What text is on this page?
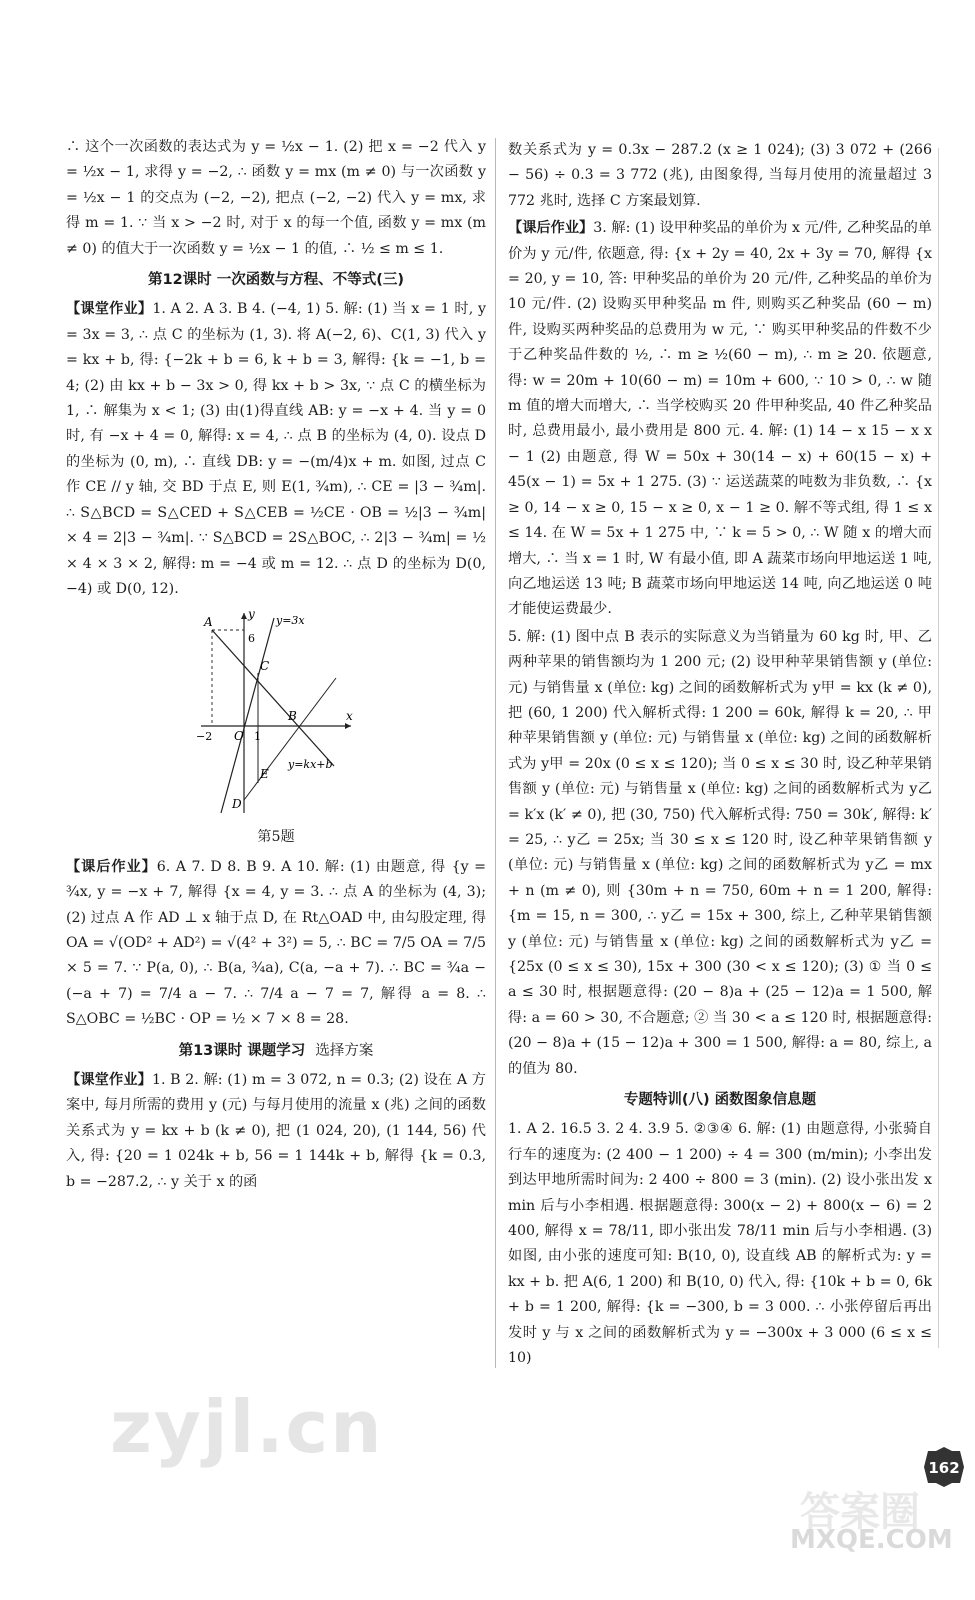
∴ 这个一次函数的表达式为 y = ½x − 1. (2) 把 x = −2 代入 y = ½x − 1, 求得 y = −2, ∴ 函数 y = mx (m ≠ 0) 与一次函数 y = ½x − 1 的交点为 (−2, −2), 把点 (−2, −2) 代入 y = mx, 求得 m = 1. ∵ 当 x > −2 时, 对于 x 的每一个值, 函数 y = mx (m ≠ 0) 的值大于一次函数 y = ½x − 1 的值, ∴ ½ ≤ m ≤ 1.

第12课时 一次函数与方程、不等式(三)

【课堂作业】1. A 2. A 3. B 4. (−4, 1) 5. 解: (1) 当 x = 1 时, y = 3x = 3, ∴ 点 C 的坐标为 (1, 3). 将 A(−2, 6)、C(1, 3) 代入 y = kx + b, 得: {−2k + b = 6, k + b = 3, 解得: {k = −1, b = 4; (2) 由 kx + b − 3x > 0, 得 kx + b > 3x, ∵ 点 C 的横坐标为 1, ∴ 解集为 x < 1; (3) 由(1)得直线 AB: y = −x + 4. 当 y = 0 时, 有 −x + 4 = 0, 解得: x = 4, ∴ 点 B 的坐标为 (4, 0). 设点 D 的坐标为 (0, m), ∴ 直线 DB: y = −(m/4)x + m. 如图, 过点 C 作 CE // y 轴, 交 BD 于点 E, 则 E(1, ¾m), ∴ CE = |3 − ¾m|. ∴ S△BCD = S△CED + S△CEB = ½CE · OB = ½|3 − ¾m| × 4 = 2|3 − ¾m|. ∵ S△BCD = 2S△BOC, ∴ 2|3 − ¾m| = ½ × 4 × 3 × 2, 解得: m = −4 或 m = 12. ∴ 点 D 的坐标为 D(0, −4) 或 D(0, 12).

A
C
B
E
D
O
x
y y=3x
y=kx+b
6
−2	1
第5题

【课后作业】6. A 7. D 8. B 9. A 10. 解: (1) 由题意, 得 {y = ¾x, y = −x + 7, 解得 {x = 4, y = 3. ∴ 点 A 的坐标为 (4, 3); (2) 过点 A 作 AD ⊥ x 轴于点 D, 在 Rt△OAD 中, 由勾股定理, 得 OA = √(OD² + AD²) = √(4² + 3²) = 5, ∴ BC = 7/5 OA = 7/5 × 5 = 7. ∵ P(a, 0), ∴ B(a, ¾a), C(a, −a + 7). ∴ BC = ¾a − (−a + 7) = 7/4 a − 7. ∴ 7/4 a − 7 = 7, 解得 a = 8. ∴ S△OBC = ½BC · OP = ½ × 7 × 8 = 28.

第13课时 课题学习 选择方案

【课堂作业】1. B 2. 解: (1) m = 3 072, n = 0.3; (2) 设在 A 方案中, 每月所需的费用 y (元) 与每月使用的流量 x (兆) 之间的函数关系式为 y = kx + b (k ≠ 0), 把 (1 024, 20), (1 144, 56) 代入, 得: {20 = 1 024k + b, 56 = 1 144k + b, 解得 {k = 0.3, b = −287.2, ∴ y 关于 x 的函

数关系式为 y = 0.3x − 287.2 (x ≥ 1 024); (3) 3 072 + (266 − 56) ÷ 0.3 = 3 772 (兆), 由图象得, 当每月使用的流量超过 3 772 兆时, 选择 C 方案最划算.

【课后作业】3. 解: (1) 设甲种奖品的单价为 x 元/件, 乙种奖品的单价为 y 元/件, 依题意, 得: {x + 2y = 40, 2x + 3y = 70, 解得 {x = 20, y = 10, 答: 甲种奖品的单价为 20 元/件, 乙种奖品的单价为 10 元/件. (2) 设购买甲种奖品 m 件, 则购买乙种奖品 (60 − m) 件, 设购买两种奖品的总费用为 w 元, ∵ 购买甲种奖品的件数不少于乙种奖品件数的 ½, ∴ m ≥ ½(60 − m), ∴ m ≥ 20. 依题意, 得: w = 20m + 10(60 − m) = 10m + 600, ∵ 10 > 0, ∴ w 随 m 值的增大而增大, ∴ 当学校购买 20 件甲种奖品, 40 件乙种奖品时, 总费用最小, 最小费用是 800 元. 4. 解: (1) 14 − x 15 − x x − 1 (2) 由题意, 得 W = 50x + 30(14 − x) + 60(15 − x) + 45(x − 1) = 5x + 1 275. (3) ∵ 运送蔬菜的吨数为非负数, ∴ {x ≥ 0, 14 − x ≥ 0, 15 − x ≥ 0, x − 1 ≥ 0. 解不等式组, 得 1 ≤ x ≤ 14. 在 W = 5x + 1 275 中, ∵ k = 5 > 0, ∴ W 随 x 的增大而增大, ∴ 当 x = 1 时, W 有最小值, 即 A 蔬菜市场向甲地运送 1 吨, 向乙地运送 13 吨; B 蔬菜市场向甲地运送 14 吨, 向乙地运送 0 吨才能使运费最少.

5. 解: (1) 图中点 B 表示的实际意义为当销量为 60 kg 时, 甲、乙两种苹果的销售额均为 1 200 元; (2) 设甲种苹果销售额 y (单位: 元) 与销售量 x (单位: kg) 之间的函数解析式为 y甲 = kx (k ≠ 0), 把 (60, 1 200) 代入解析式得: 1 200 = 60k, 解得 k = 20, ∴ 甲种苹果销售额 y (单位: 元) 与销售量 x (单位: kg) 之间的函数解析式为 y甲 = 20x (0 ≤ x ≤ 120); 当 0 ≤ x ≤ 30 时, 设乙种苹果销售额 y (单位: 元) 与销售量 x (单位: kg) 之间的函数解析式为 y乙 = k′x (k′ ≠ 0), 把 (30, 750) 代入解析式得: 750 = 30k′, 解得: k′ = 25, ∴ y乙 = 25x; 当 30 ≤ x ≤ 120 时, 设乙种苹果销售额 y (单位: 元) 与销售量 x (单位: kg) 之间的函数解析式为 y乙 = mx + n (m ≠ 0), 则 {30m + n = 750, 60m + n = 1 200, 解得: {m = 15, n = 300, ∴ y乙 = 15x + 300, 综上, 乙种苹果销售额 y (单位: 元) 与销售量 x (单位: kg) 之间的函数解析式为 y乙 = {25x (0 ≤ x ≤ 30), 15x + 300 (30 < x ≤ 120); (3) ① 当 0 ≤ a ≤ 30 时, 根据题意得: (20 − 8)a + (25 − 12)a = 1 500, 解得: a = 60 > 30, 不合题意; ② 当 30 < a ≤ 120 时, 根据题意得: (20 − 8)a + (15 − 12)a + 300 = 1 500, 解得: a = 80, 综上, a 的值为 80.

专题特训(八) 函数图象信息题

1. A 2. 16.5 3. 2 4. 3.9 5. ②③④ 6. 解: (1) 由题意得, 小张骑自行车的速度为: (2 400 − 1 200) ÷ 4 = 300 (m/min); 小李出发到达甲地所需时间为: 2 400 ÷ 800 = 3 (min). (2) 设小张出发 x min 后与小李相遇. 根据题意得: 300(x − 2) + 800(x − 6) = 2 400, 解得 x = 78/11, 即小张出发 78/11 min 后与小李相遇. (3) 如图, 由小张的速度可知: B(10, 0), 设直线 AB 的解析式为: y = kx + b. 把 A(6, 1 200) 和 B(10, 0) 代入, 得: {10k + b = 0, 6k + b = 1 200, 解得: {k = −300, b = 3 000. ∴ 小张停留后再出发时 y 与 x 之间的函数解析式为 y = −300x + 3 000 (6 ≤ x ≤ 10)

162
zyjl.cn
答案圈
MXQE.COM
